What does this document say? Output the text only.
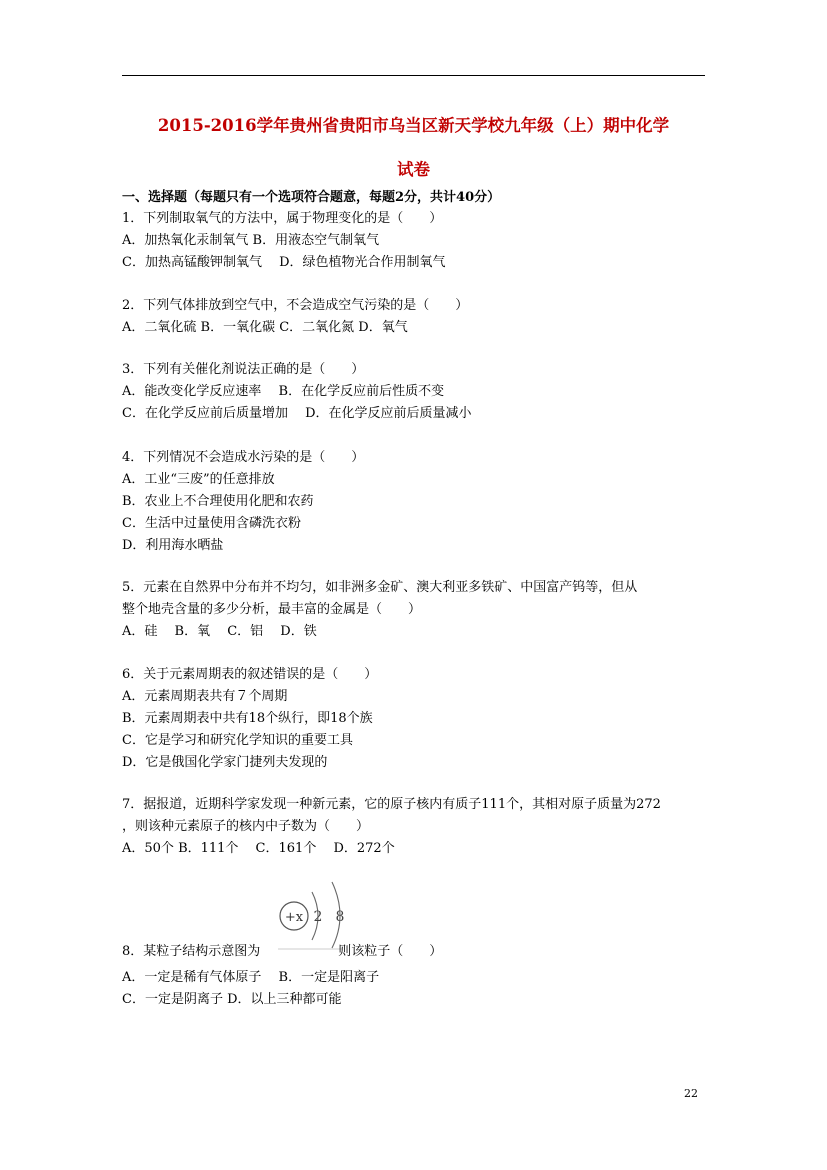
2015-2016学年贵州省贵阳市乌当区新天学校九年级（上）期中化学
试卷
一、选择题（每题只有一个选项符合题意，每题2分，共计40分）
1．下列制取氧气的方法中，属于物理变化的是（　　）
A．加热氧化汞制氧气 B．用液态空气制氧气
C．加热高锰酸钾制氧气　 D．绿色植物光合作用制氧气
2．下列气体排放到空气中，不会造成空气污染的是（　　）
A．二氧化硫 B．一氧化碳 C．二氧化氮 D．氧气
3．下列有关催化剂说法正确的是（　　）
A．能改变化学反应速率　 B．在化学反应前后性质不变
C．在化学反应前后质量增加　 D．在化学反应前后质量减小
4．下列情况不会造成水污染的是（　　）
A．工业“三废”的任意排放
B．农业上不合理使用化肥和农药
C．生活中过量使用含磷洗衣粉
D．利用海水晒盐
5．元素在自然界中分布并不均匀，如非洲多金矿、澳大利亚多铁矿、中国富产钨等，但从
整个地壳含量的多少分析，最丰富的金属是（　　）
A．硅　 B．氧　 C．铝　 D．铁
6．关于元素周期表的叙述错误的是（　　）
A．元素周期表共有７个周期
B．元素周期表中共有18个纵行，即18个族
C．它是学习和研究化学知识的重要工具
D．它是俄国化学家门捷列夫发现的
7．据报道，近期科学家发现一种新元素，它的原子核内有质子111个，其相对原子质量为272
，则该种元素原子的核内中子数为（　　）
A．50个 B．111个　 C．161个　 D．272个
+x 2 8
8．某粒子结构示意图为　　　　　　则该粒子（　　）
A．一定是稀有气体原子　 B．一定是阳离子
C．一定是阴离子 D．以上三种都可能
22
